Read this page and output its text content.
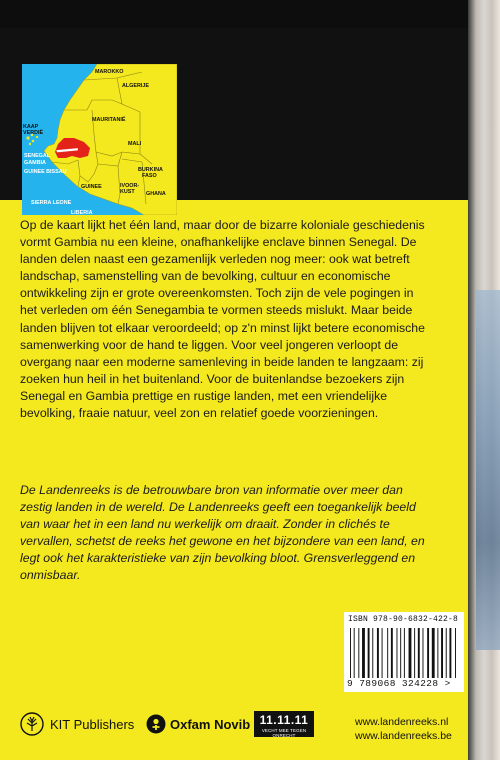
MAROKKO
ALGERIJE
KAAP
VERDIË
MAURITANIË
MALI
SENEGAL
GAMBIA
GUINEE BISSAU
GUINEE
BURKINA
FASO
SIERRA LEONE
IVOOR-
KUST GHANA
LIBERIA

Op de kaart lijkt het één land, maar door de bizarre koloniale geschiedenis vormt Gambia nu een kleine, onafhankelijke enclave binnen Senegal. De landen delen naast een gezamenlijk verleden nog meer: ook wat betreft landschap, samenstelling van de bevolking, cultuur en economische ontwikkeling zijn er grote overeenkomsten. Toch zijn de vele pogingen in het verleden om één Senegambia te vormen steeds mislukt. Maar beide landen blijven tot elkaar veroordeeld; op z'n minst lijkt betere economische samenwerking voor de hand te liggen. Voor veel jongeren verloopt de overgang naar een moderne samenleving in beide landen te langzaam: zij zoeken hun heil in het buitenland. Voor de buitenlandse bezoekers zijn Senegal en Gambia prettige en rustige landen, met een vriendelijke bevolking, fraaie natuur, veel zon en relatief goede voorzieningen.

De Landenreeks is de betrouwbare bron van informatie over meer dan zestig landen in de wereld. De Landenreeks geeft een toegankelijk beeld van waar het in een land nu werkelijk om draait. Zonder in clichés te vervallen, schetst de reeks het gewone en het bijzondere van een land, en legt ook het karakteristieke van zijn bevolking bloot. Grensverleggend en onmisbaar.

ISBN 978-90-6832-422-8
9 789068 324228 >
KIT Publishers	Oxfam Novib 11.11.11
VECHT MEE TEGEN ONRECHT
www.landenreeks.nl
www.landenreeks.be
